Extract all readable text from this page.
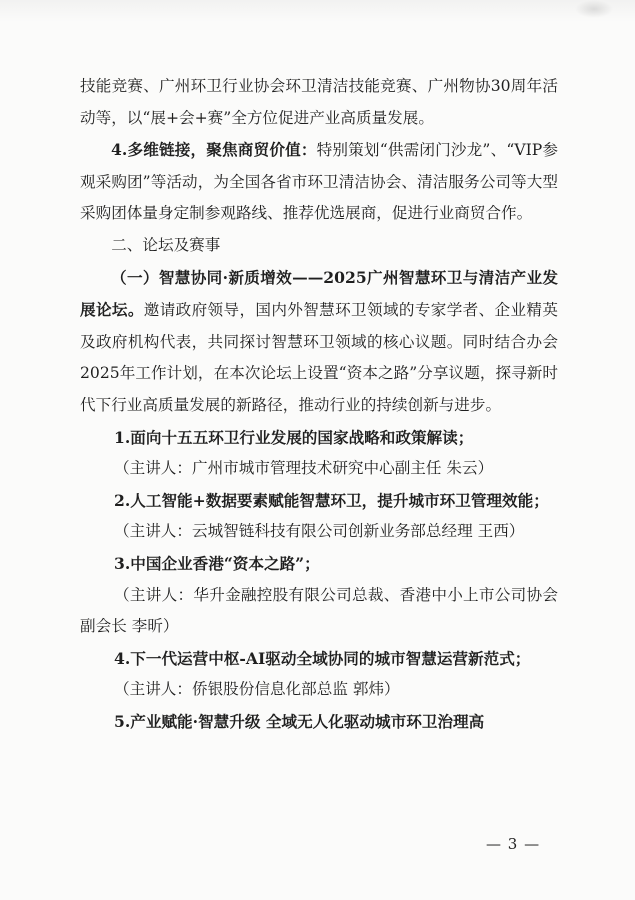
技能竞赛、广州环卫行业协会环卫清洁技能竞赛、广州物协30周年活动等，以“展+会+赛”全方位促进产业高质量发展。

4.多维链接，聚焦商贸价值：特别策划“供需闭门沙龙”、“VIP参观采购团”等活动，为全国各省市环卫清洁协会、清洁服务公司等大型采购团体量身定制参观路线、推荐优选展商，促进行业商贸合作。

二、论坛及赛事

（一）智慧协同·新质增效——2025广州智慧环卫与清洁产业发展论坛。邀请政府领导，国内外智慧环卫领域的专家学者、企业精英及政府机构代表，共同探讨智慧环卫领域的核心议题。同时结合办会2025年工作计划，在本次论坛上设置“资本之路”分享议题，探寻新时代下行业高质量发展的新路径，推动行业的持续创新与进步。

1.面向十五五环卫行业发展的国家战略和政策解读；

（主讲人：广州市城市管理技术研究中心副主任 朱云）

2.人工智能+数据要素赋能智慧环卫，提升城市环卫管理效能；

（主讲人：云城智链科技有限公司创新业务部总经理 王西）

3.中国企业香港“资本之路”；

（主讲人：华升金融控股有限公司总裁、香港中小上市公司协会副会长 李昕）

4.下一代运营中枢-AI驱动全域协同的城市智慧运营新范式；

（主讲人：侨银股份信息化部总监 郭炜）

5.产业赋能·智慧升级 全域无人化驱动城市环卫治理高

— 3 —
